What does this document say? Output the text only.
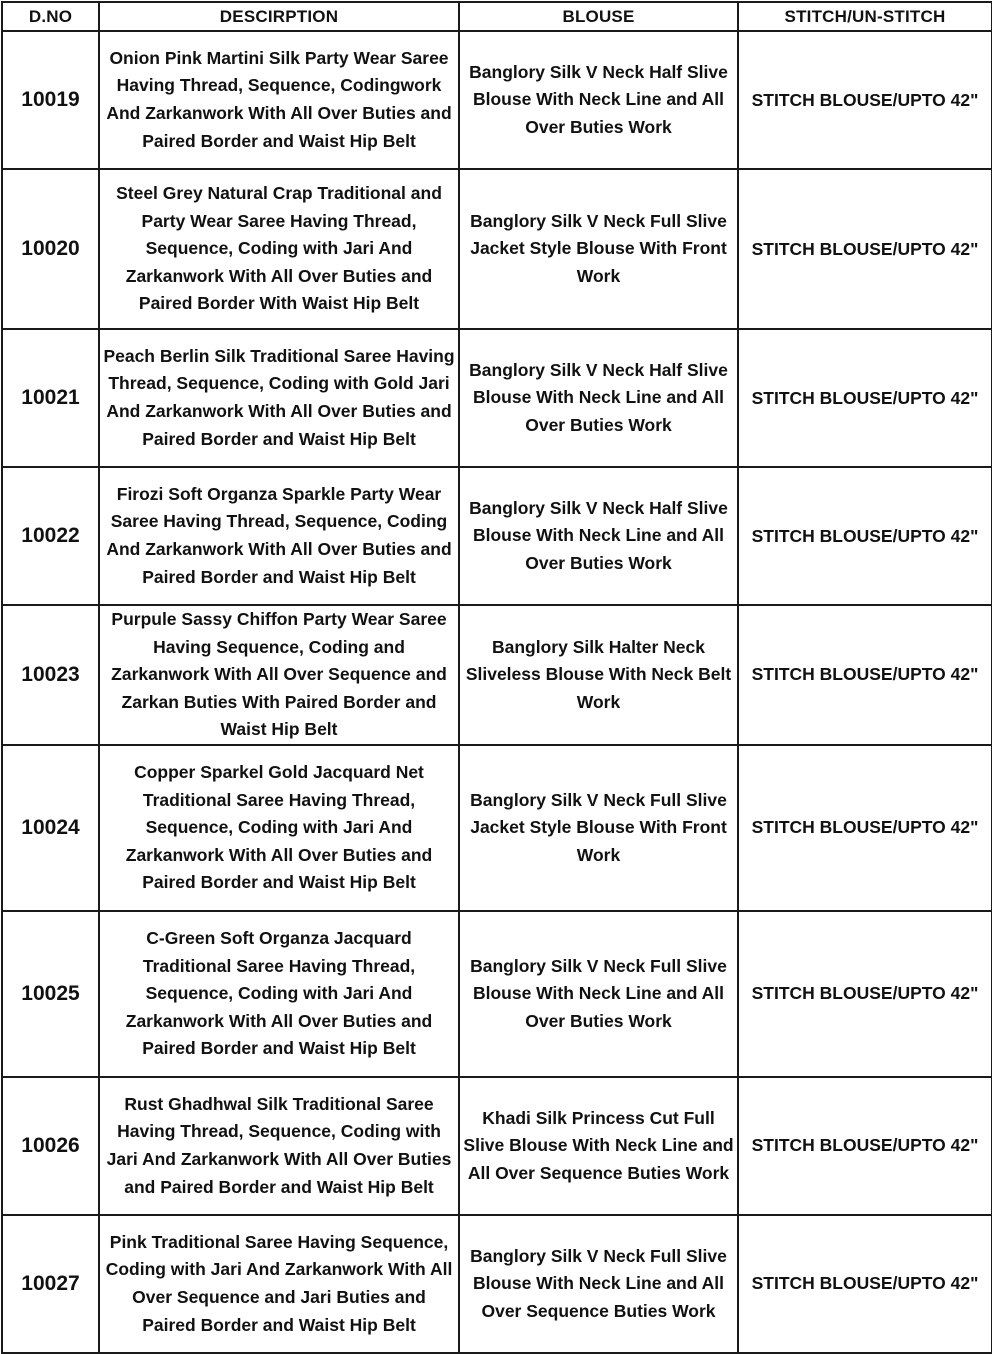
D.NO	DESCIRPTION	BLOUSE	STITCH/UN-STITCH
10019	Onion Pink Martini Silk Party Wear Saree Having Thread, Sequence, Codingwork And Zarkanwork With All Over Buties and Paired Border and Waist Hip Belt	Banglory Silk V Neck Half Slive Blouse With Neck Line and All Over Buties Work	STITCH BLOUSE/UPTO 42"
10020	Steel Grey Natural Crap Traditional and Party Wear Saree Having Thread, Sequence, Coding with Jari And Zarkanwork With All Over Buties and Paired Border With Waist Hip Belt	Banglory Silk V Neck Full Slive Jacket Style Blouse With Front Work	STITCH BLOUSE/UPTO 42"
10021	Peach Berlin Silk Traditional Saree Having Thread, Sequence, Coding with Gold Jari And Zarkanwork With All Over Buties and Paired Border and Waist Hip Belt	Banglory Silk V Neck Half Slive Blouse With Neck Line and All Over Buties Work	STITCH BLOUSE/UPTO 42"
10022	Firozi Soft Organza Sparkle Party Wear Saree Having Thread, Sequence, Coding And Zarkanwork With All Over Buties and Paired Border and Waist Hip Belt	Banglory Silk V Neck Half Slive Blouse With Neck Line and All Over Buties Work	STITCH BLOUSE/UPTO 42"
10023	Purpule Sassy Chiffon Party Wear Saree Having Sequence, Coding and Zarkanwork With All Over Sequence and Zarkan Buties With Paired Border and Waist Hip Belt	Banglory Silk Halter Neck Sliveless Blouse With Neck Belt Work	STITCH BLOUSE/UPTO 42"
10024	Copper Sparkel Gold Jacquard Net Traditional Saree Having Thread, Sequence, Coding with Jari And Zarkanwork With All Over Buties and Paired Border and Waist Hip Belt	Banglory Silk V Neck Full Slive Jacket Style Blouse With Front Work	STITCH BLOUSE/UPTO 42"
10025	C-Green Soft Organza Jacquard Traditional Saree Having Thread, Sequence, Coding with Jari And Zarkanwork With All Over Buties and Paired Border and Waist Hip Belt	Banglory Silk V Neck Full Slive Blouse With Neck Line and All Over Buties Work	STITCH BLOUSE/UPTO 42"
10026	Rust Ghadhwal Silk Traditional Saree Having Thread, Sequence, Coding with Jari And Zarkanwork With All Over Buties and Paired Border and Waist Hip Belt	Khadi Silk Princess Cut Full Slive Blouse With Neck Line and All Over Sequence Buties Work	STITCH BLOUSE/UPTO 42"
10027	Pink Traditional Saree Having Sequence, Coding with Jari And Zarkanwork With All Over Sequence and Jari Buties and Paired Border and Waist Hip Belt	Banglory Silk V Neck Full Slive Blouse With Neck Line and All Over Sequence Buties Work	STITCH BLOUSE/UPTO 42"
